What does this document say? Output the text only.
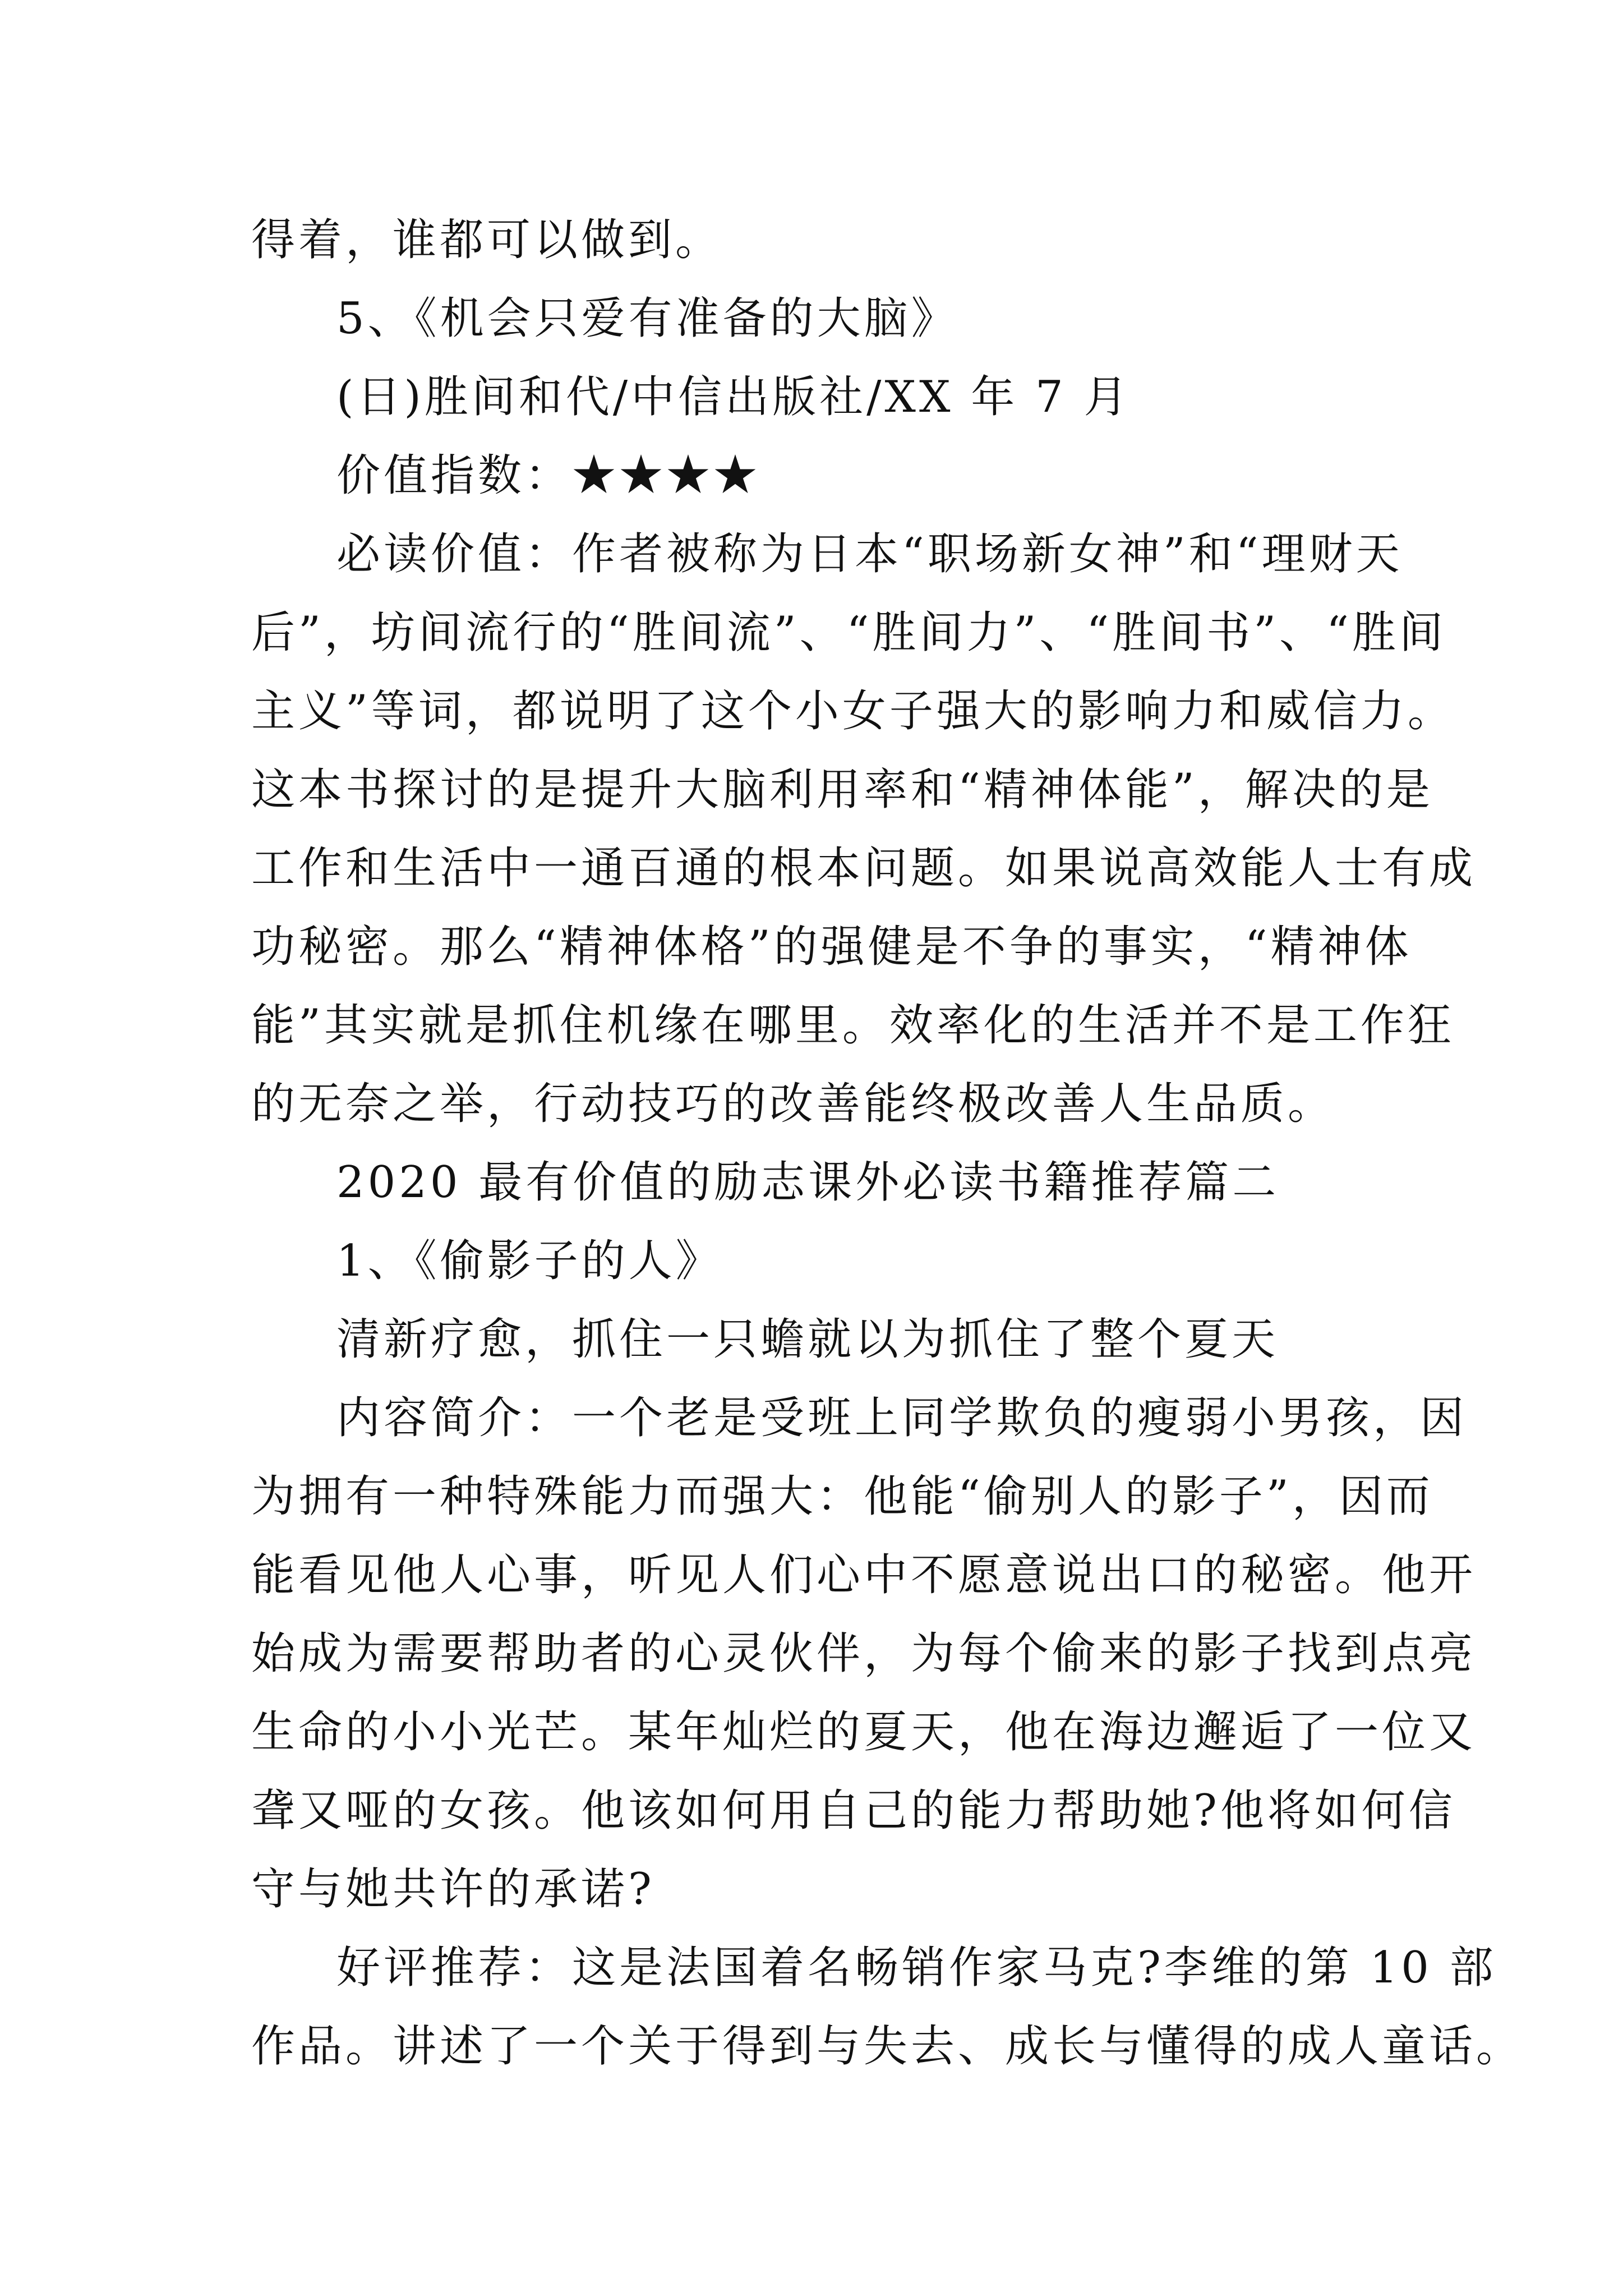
得着，谁都可以做到。
5、《机会只爱有准备的大脑》
(日)胜间和代/中信出版社/XX 年 7 月
价值指数：★★★★
必读价值：作者被称为日本“职场新女神”和“理财天
后”，坊间流行的“胜间流”、“胜间力”、“胜间书”、“胜间
主义”等词，都说明了这个小女子强大的影响力和威信力。
这本书探讨的是提升大脑利用率和“精神体能”，解决的是
工作和生活中一通百通的根本问题。如果说高效能人士有成
功秘密。那么“精神体格”的强健是不争的事实，“精神体
能”其实就是抓住机缘在哪里。效率化的生活并不是工作狂
的无奈之举，行动技巧的改善能终极改善人生品质。
2020 最有价值的励志课外必读书籍推荐篇二
1、《偷影子的人》
清新疗愈，抓住一只蟾就以为抓住了整个夏天
内容简介：一个老是受班上同学欺负的瘦弱小男孩，因
为拥有一种特殊能力而强大：他能“偷别人的影子”，因而
能看见他人心事，听见人们心中不愿意说出口的秘密。他开
始成为需要帮助者的心灵伙伴，为每个偷来的影子找到点亮
生命的小小光芒。某年灿烂的夏天，他在海边邂逅了一位又
聋又哑的女孩。他该如何用自己的能力帮助她?他将如何信
守与她共许的承诺?
好评推荐：这是法国着名畅销作家马克?李维的第 10 部
作品。讲述了一个关于得到与失去、成长与懂得的成人童话。
